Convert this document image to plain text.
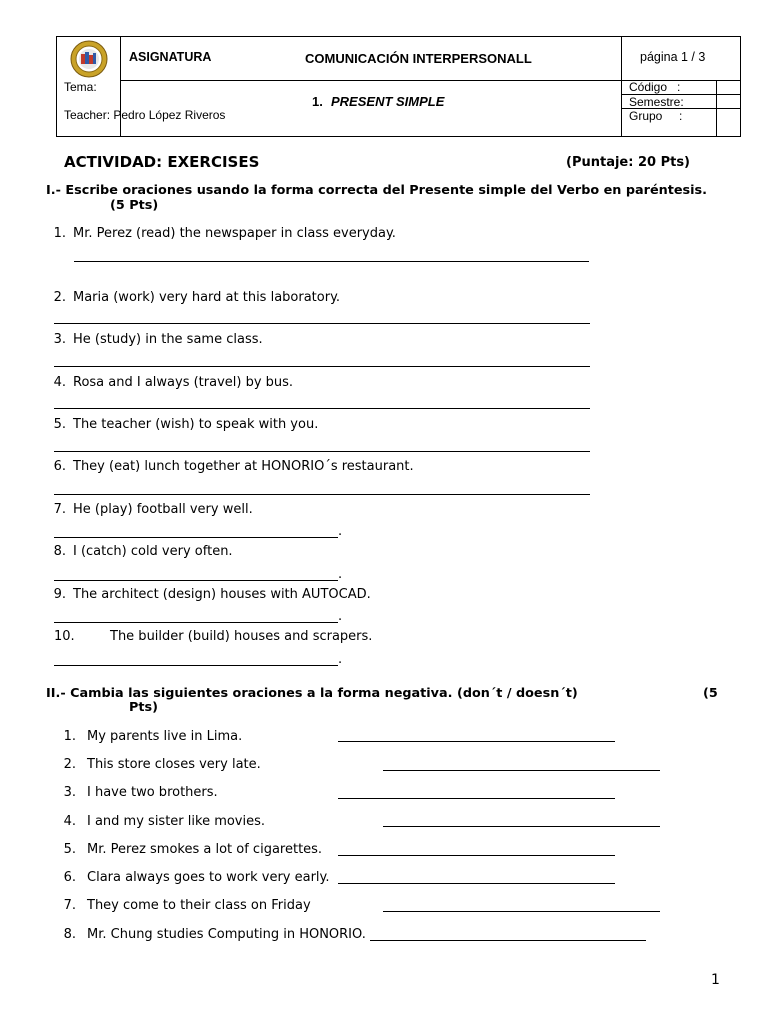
ASIGNATURA	COMUNICACIÓN INTERPERSONALL	página 1 / 3
Tema:
Teacher: Pedro López Riveros
1. PRESENT SIMPLE
Código   :
Semestre:
Grupo     :
ACTIVIDAD: EXERCISES	(Puntaje: 20 Pts)
I.- Escribe oraciones usando la forma correcta del Presente simple del Verbo en paréntesis.
(5 Pts)
1. Mr. Perez (read) the newspaper in class everyday.
2. Maria (work) very hard at this laboratory.
3. He (study) in the same class.
4. Rosa and I always (travel) by bus.
5. The teacher (wish) to speak with you.
6. They (eat) lunch together at HONORIO´s restaurant.
7. He (play) football very well.
.
8. I (catch) cold very often.
.
9. The architect (design) houses with AUTOCAD.
.
10.	The builder (build) houses and scrapers.
.
II.- Cambia las siguientes oraciones a la forma negativa. (don´t / doesn´t)	(5
Pts)
1. My parents live in Lima.
2. This store closes very late.
3. I have two brothers.
4. I and my sister like movies.
5. Mr. Perez smokes a lot of cigarettes.
6. Clara always goes to work very early.
7. They come to their class on Friday
8. Mr. Chung studies Computing in HONORIO.
1
